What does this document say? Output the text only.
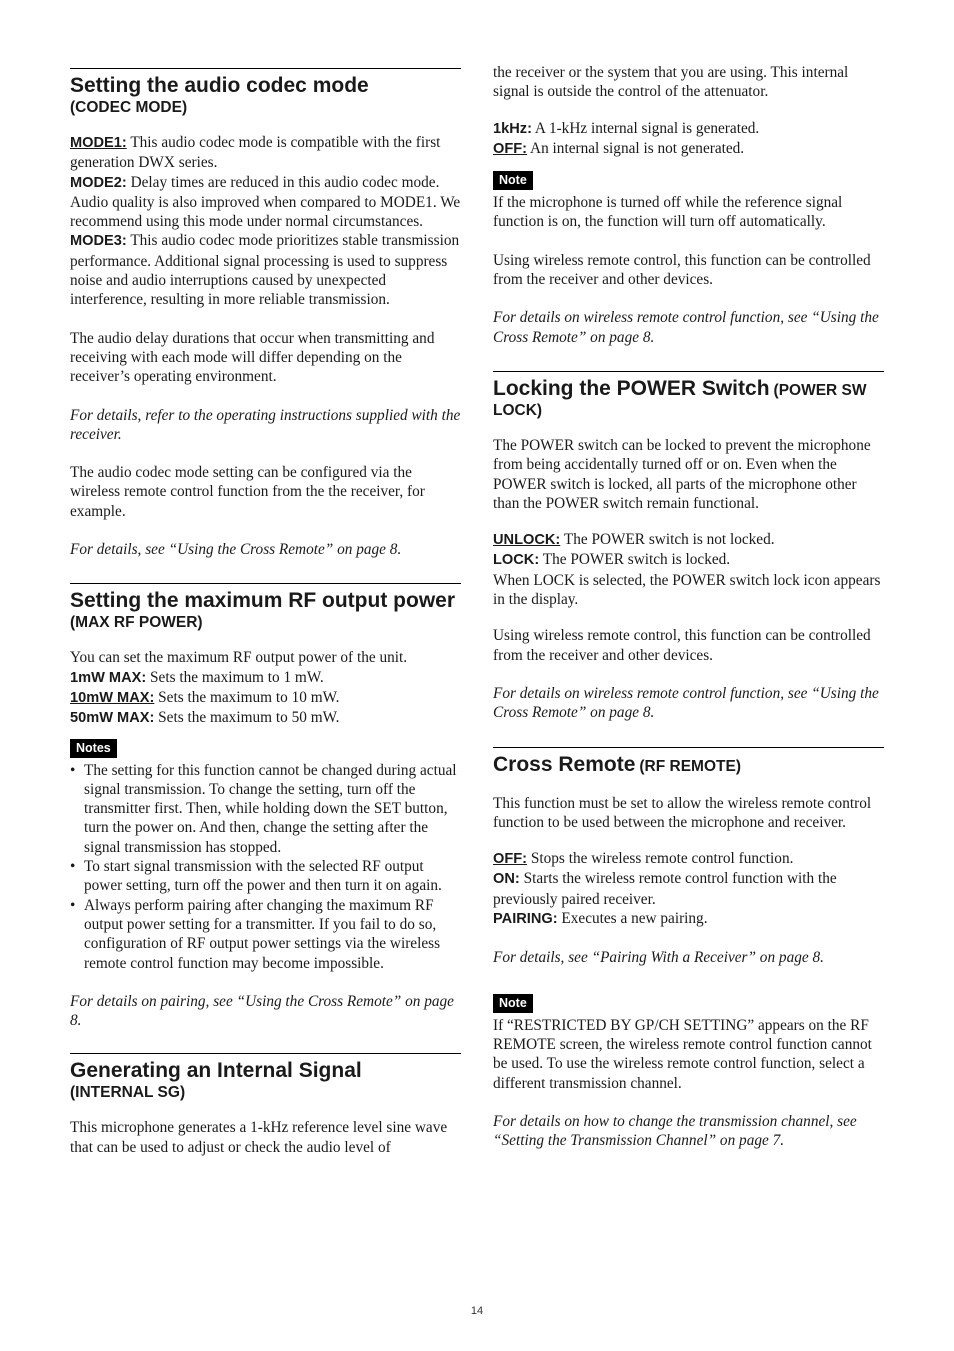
Setting the audio codec mode
(CODEC MODE)

MODE1: This audio codec mode is compatible with the first generation DWX series.

MODE2: Delay times are reduced in this audio codec mode. Audio quality is also improved when compared to MODE1. We recommend using this mode under normal circumstances.

MODE3: This audio codec mode prioritizes stable transmission performance. Additional signal processing is used to suppress noise and audio interruptions caused by unexpected interference, resulting in more reliable transmission.

The audio delay durations that occur when transmitting and receiving with each mode will differ depending on the receiver’s operating environment.

For details, refer to the operating instructions supplied with the receiver.

The audio codec mode setting can be configured via the wireless remote control function from the the receiver, for example.

For details, see “Using the Cross Remote” on page 8.

Setting the maximum RF output power (MAX RF POWER)

You can set the maximum RF output power of the unit.

1mW MAX: Sets the maximum to 1 mW.

10mW MAX: Sets the maximum to 10 mW.

50mW MAX: Sets the maximum to 50 mW.

Notes
• The setting for this function cannot be changed during actual signal transmission. To change the setting, turn off the transmitter first. Then, while holding down the SET button, turn the power on. And then, change the setting after the signal transmission has stopped.
• To start signal transmission with the selected RF output power setting, turn off the power and then turn it on again.
• Always perform pairing after changing the maximum RF output power setting for a transmitter. If you fail to do so, configuration of RF output power settings via the wireless remote control function may become impossible.

For details on pairing, see “Using the Cross Remote” on page 8.

Generating an Internal Signal
(INTERNAL SG)

This microphone generates a 1-kHz reference level sine wave that can be used to adjust or check the audio level of

the receiver or the system that you are using. This internal signal is outside the control of the attenuator.

1kHz: A 1-kHz internal signal is generated.

OFF: An internal signal is not generated.

Note

If the microphone is turned off while the reference signal function is on, the function will turn off automatically.

Using wireless remote control, this function can be controlled from the receiver and other devices.

For details on wireless remote control function, see “Using the Cross Remote” on page 8.

Locking the POWER Switch (POWER SW LOCK)

The POWER switch can be locked to prevent the microphone from being accidentally turned off or on. Even when the POWER switch is locked, all parts of the microphone other than the POWER switch remain functional.

UNLOCK: The POWER switch is not locked.

LOCK: The POWER switch is locked.

When LOCK is selected, the POWER switch lock icon appears in the display.

Using wireless remote control, this function can be controlled from the receiver and other devices.

For details on wireless remote control function, see “Using the Cross Remote” on page 8.

Cross Remote (RF REMOTE)

This function must be set to allow the wireless remote control function to be used between the microphone and receiver.

OFF: Stops the wireless remote control function.

ON: Starts the wireless remote control function with the previously paired receiver.

PAIRING: Executes a new pairing.

For details, see “Pairing With a Receiver” on page 8.

Note

If “RESTRICTED BY GP/CH SETTING” appears on the RF REMOTE screen, the wireless remote control function cannot be used. To use the wireless remote control function, select a different transmission channel.

For details on how to change the transmission channel, see “Setting the Transmission Channel” on page 7.

14
